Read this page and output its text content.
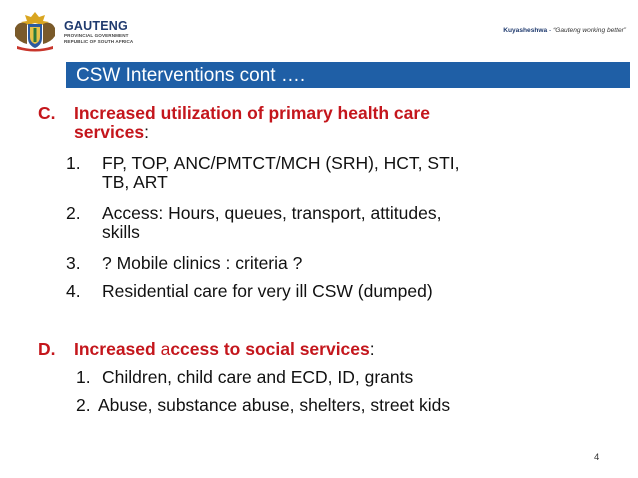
GAUTENG
PROVINCIAL GOVERNMENT
REPUBLIC OF SOUTH AFRICA
Kuyasheshwa - “Gauteng working better”
CSW Interventions cont ….
C. Increased utilization of primary health care
services:
1. FP, TOP, ANC/PMTCT/MCH (SRH), HCT, STI,
TB, ART
2. Access: Hours, queues, transport, attitudes,
skills
3. ? Mobile clinics : criteria ?
4. Residential care for very ill CSW (dumped)
D. Increased access to social services:
1. Children, child care and ECD, ID, grants
2. Abuse, substance abuse, shelters, street kids
4
